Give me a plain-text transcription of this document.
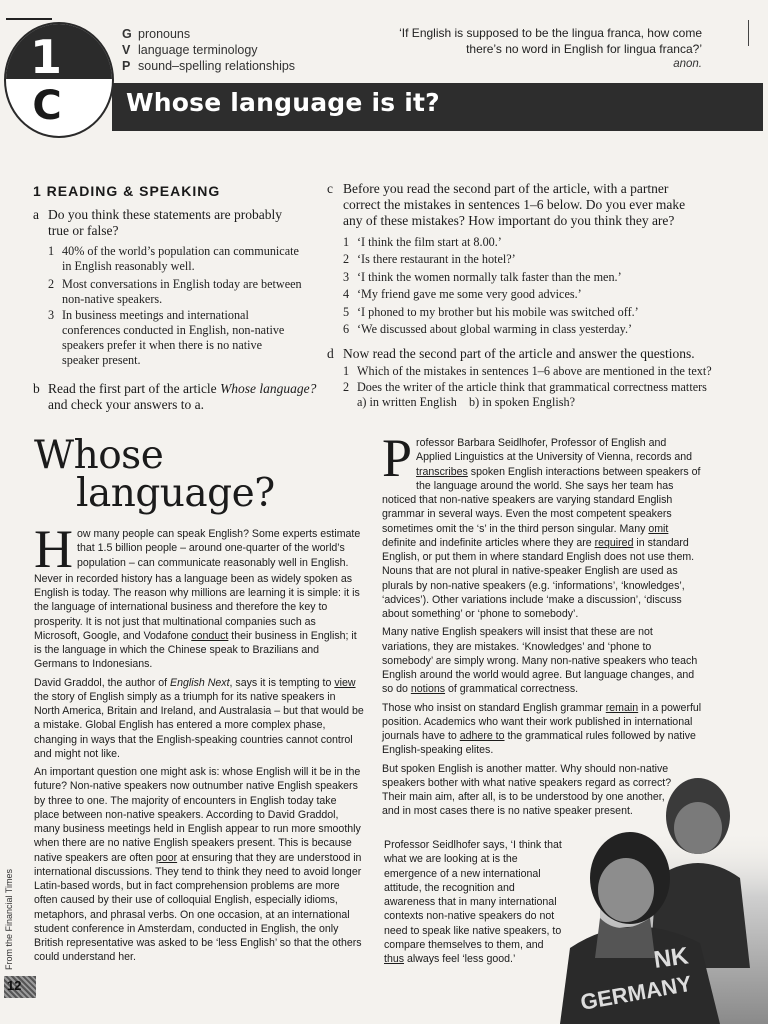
1
C
G pronouns
V language terminology
P sound–spelling relationships
‘If English is supposed to be the lingua franca, how come
there’s no word in English for lingua franca?’
anon.
Whose language is it?
1 READING & SPEAKING
a Do you think these statements are probably
true or false?
1 40% of the world’s population can communicate
in English reasonably well.
2 Most conversations in English today are between
non-native speakers.
3 In business meetings and international
conferences conducted in English, non-native
speakers prefer it when there is no native
speaker present.
b Read the first part of the article Whose language?
and check your answers to a.
c Before you read the second part of the article, with a partner
correct the mistakes in sentences 1–6 below. Do you ever make
any of these mistakes? How important do you think they are?
1 ‘I think the film start at 8.00.’
2 ‘Is there restaurant in the hotel?’
3 ‘I think the women normally talk faster than the men.’
4 ‘My friend gave me some very good advices.’
5 ‘I phoned to my brother but his mobile was switched off.’
6 ‘We discussed about global warming in class yesterday.’
d Now read the second part of the article and answer the questions.
1 Which of the mistakes in sentences 1–6 above are mentioned in the text?
2 Does the writer of the article think that grammatical correctness matters
a) in written English b) in spoken English?
Whose
language?

How many people can speak English? Some experts estimate that 1.5 billion people – around one-quarter of the world’s population – can communicate reasonably well in English.

Never in recorded history has a language been as widely spoken as English is today. The reason why millions are learning it is simple: it is the language of international business and therefore the key to prosperity. It is not just that multinational companies such as Microsoft, Google, and Vodafone conduct their business in English; it is the language in which the Chinese speak to Brazilians and Germans to Indonesians.

David Graddol, the author of English Next, says it is tempting to view the story of English simply as a triumph for its native speakers in North America, Britain and Ireland, and Australasia – but that would be a mistake. Global English has entered a more complex phase, changing in ways that the English-speaking countries cannot control and might not like.

An important question one might ask is: whose English will it be in the future? Non-native speakers now outnumber native English speakers by three to one. The majority of encounters in English today take place between non-native speakers. According to David Graddol, many business meetings held in English appear to run more smoothly when there are no native English speakers present. This is because native speakers are often poor at ensuring that they are understood in international discussions. They tend to think they need to avoid longer Latin-based words, but in fact comprehension problems are more often caused by their use of colloquial English, especially idioms, metaphors, and phrasal verbs. On one occasion, at an international student conference in Amsterdam, conducted in English, the only British representative was asked to be ‘less English’ so that the others could understand her.

Professor Barbara Seidlhofer, Professor of English and Applied Linguistics at the University of Vienna, records and transcribes spoken English interactions between speakers of the language around the world. She says her team has noticed that non-native speakers are varying standard English grammar in several ways. Even the most competent speakers sometimes omit the ‘s’ in the third person singular. Many omit definite and indefinite articles where they are required in standard English, or put them in where standard English does not use them. Nouns that are not plural in native-speaker English are used as plurals by non-native speakers (e.g. ‘informations’, ‘knowledges’, ‘advices’). Other variations include ‘make a discussion’, ‘discuss about something’ or ‘phone to somebody’.

Many native English speakers will insist that these are not variations, they are mistakes. ‘Knowledges’ and ‘phone to somebody’ are simply wrong. Many non-native speakers who teach English around the world would agree. But language changes, and so do notions of grammatical correctness.

Those who insist on standard English grammar remain in a powerful position. Academics who want their work published in international journals have to adhere to the grammatical rules followed by native English-speaking elites.

But spoken English is another matter. Why should non-native speakers bother with what native speakers regard as correct? Their main aim, after all, is to be understood by one another, and in most cases there is no native speaker present.

Professor Seidlhofer says, ‘I think that what we are looking at is the emergence of a new international attitude, the recognition and awareness that in many international contexts non-native speakers do not need to speak like native speakers, to compare themselves to them, and thus always feel ‘less good.’	NK
GERMANY
From the Financial Times
12
